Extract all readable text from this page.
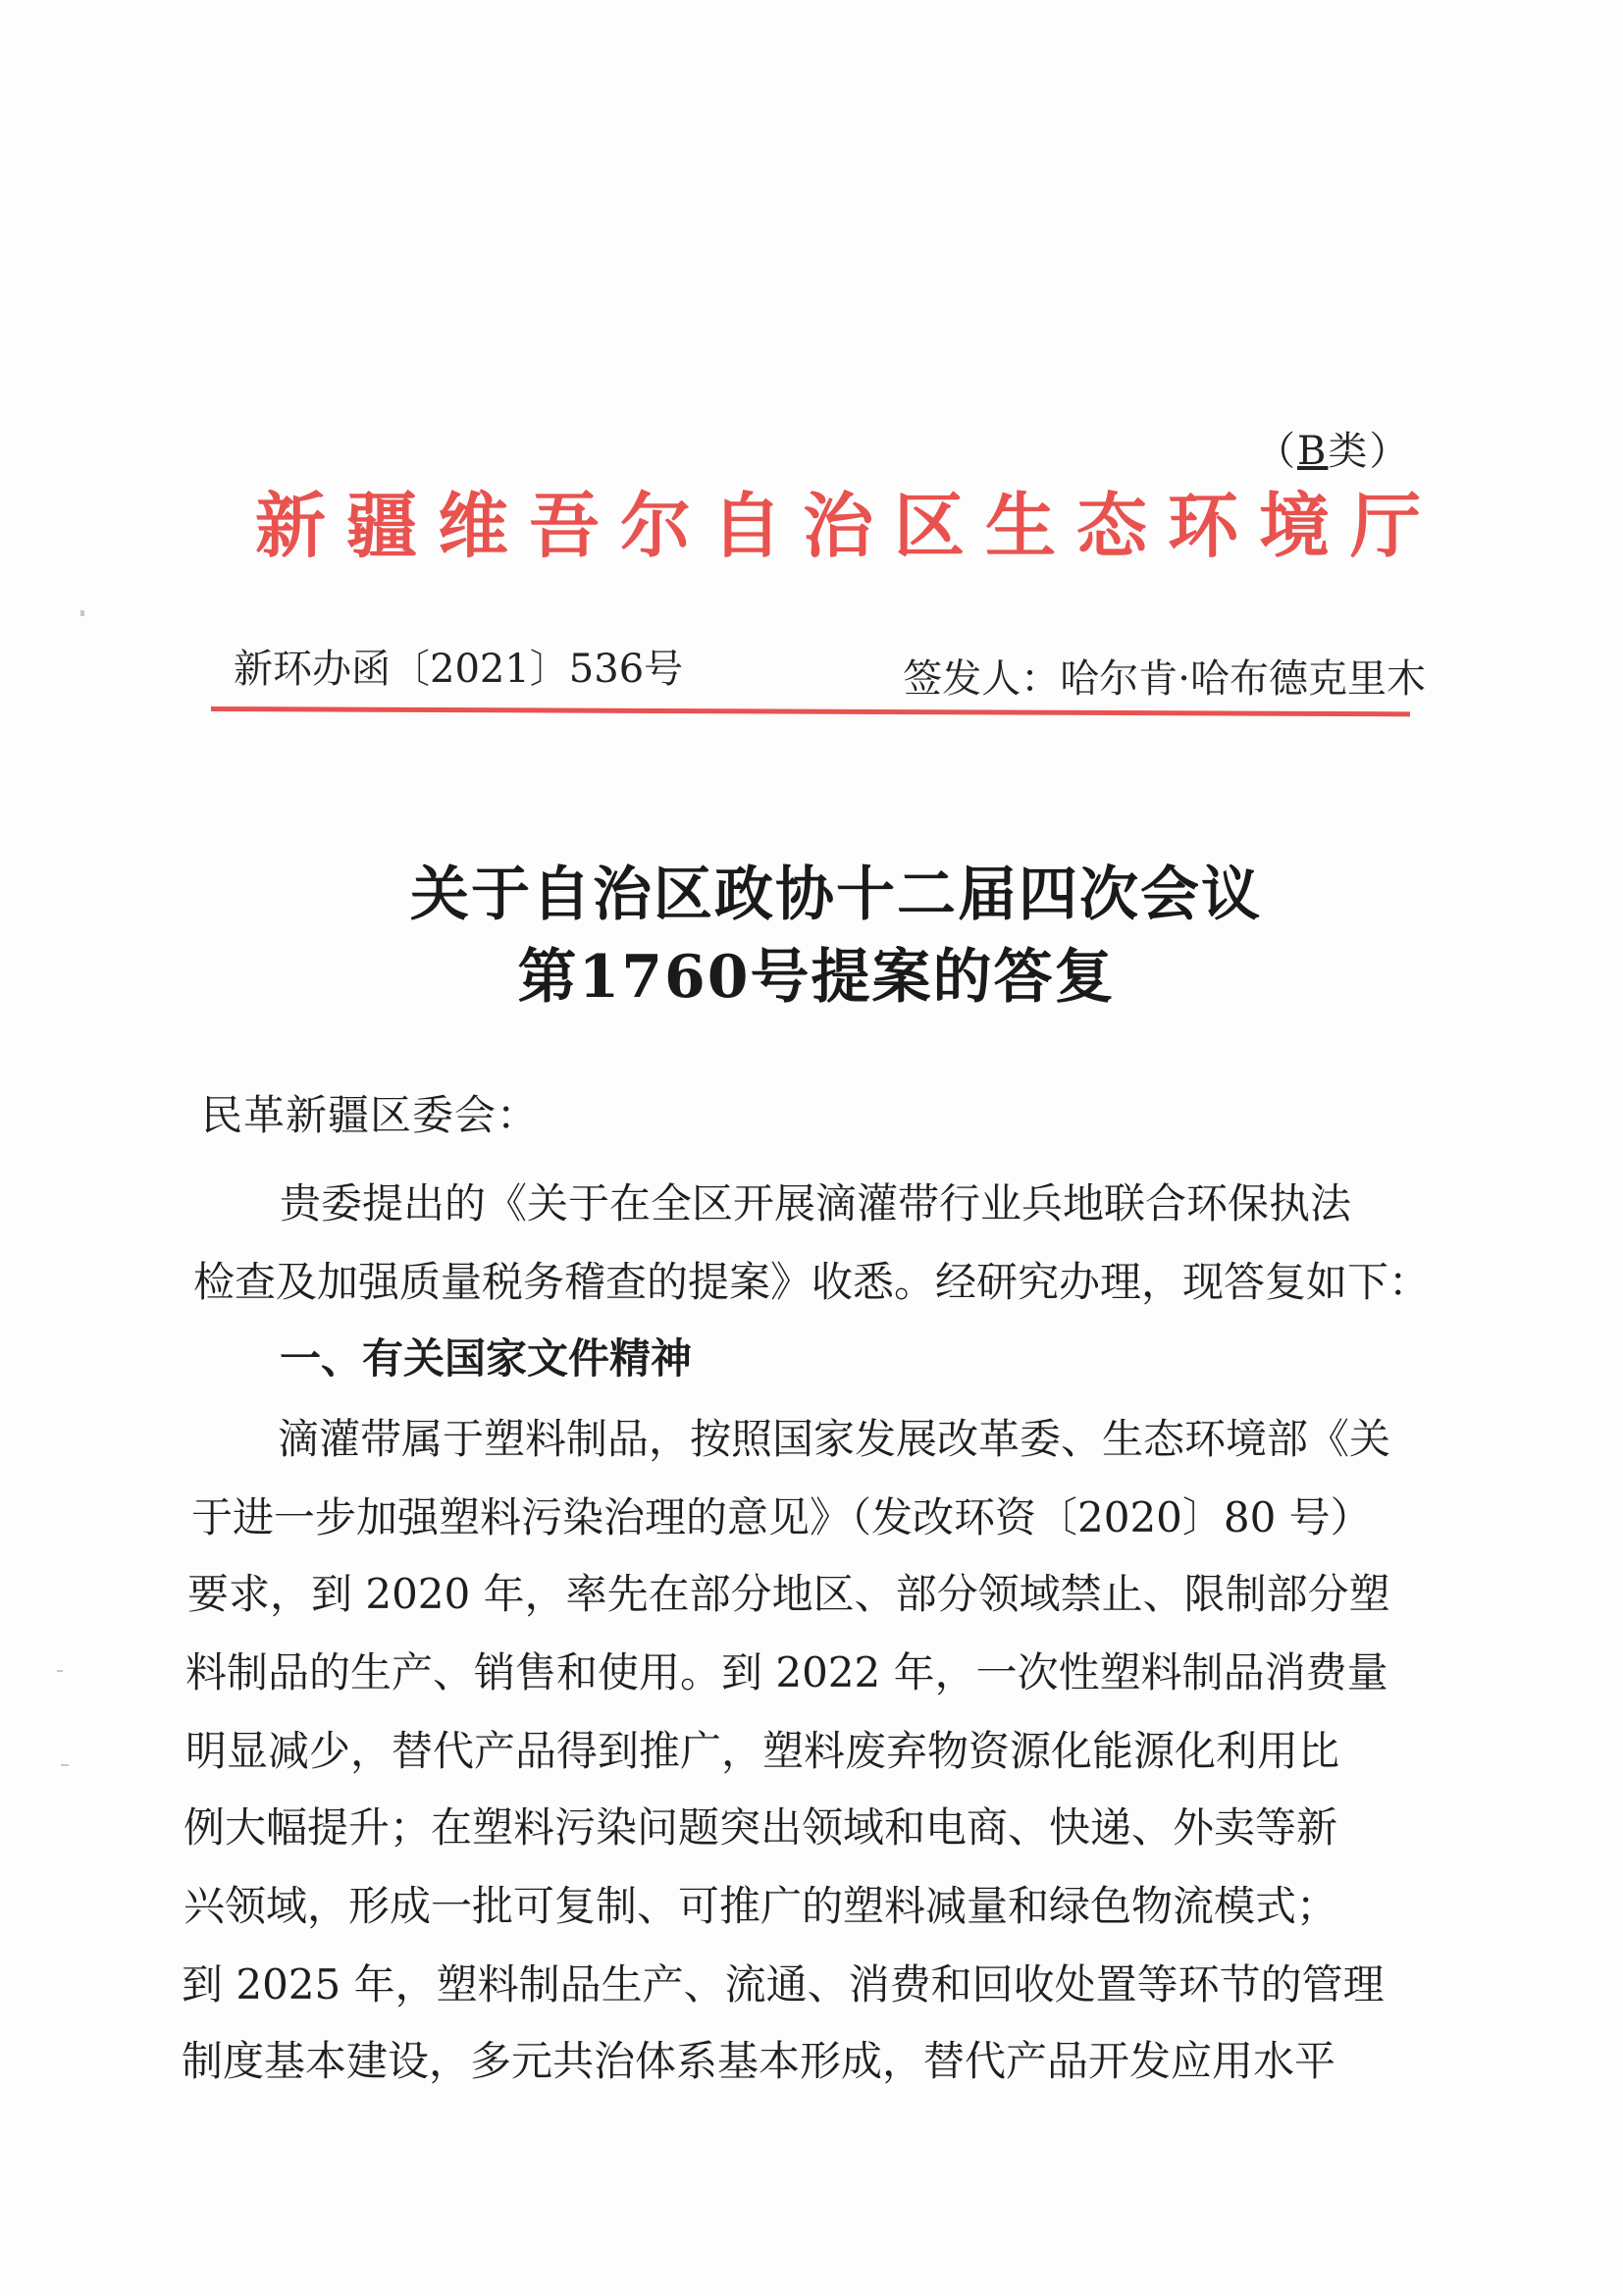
（B类）
新疆维吾尔自治区生态环境厅
新环办函〔2021〕536号	签发人：哈尔肯·哈布德克里木
关于自治区政协十二届四次会议
第1760号提案的答复
民革新疆区委会：
贵委提出的《关于在全区开展滴灌带行业兵地联合环保执法
检查及加强质量税务稽查的提案》收悉。经研究办理，现答复如下：
一、有关国家文件精神
滴灌带属于塑料制品，按照国家发展改革委、生态环境部《关
于进一步加强塑料污染治理的意见》（发改环资〔2020〕80 号）
要求，到 2020 年，率先在部分地区、部分领域禁止、限制部分塑
料制品的生产、销售和使用。到 2022 年，一次性塑料制品消费量
明显减少，替代产品得到推广，塑料废弃物资源化能源化利用比
例大幅提升；在塑料污染问题突出领域和电商、快递、外卖等新
兴领域，形成一批可复制、可推广的塑料减量和绿色物流模式；
到 2025 年，塑料制品生产、流通、消费和回收处置等环节的管理
制度基本建设，多元共治体系基本形成，替代产品开发应用水平
